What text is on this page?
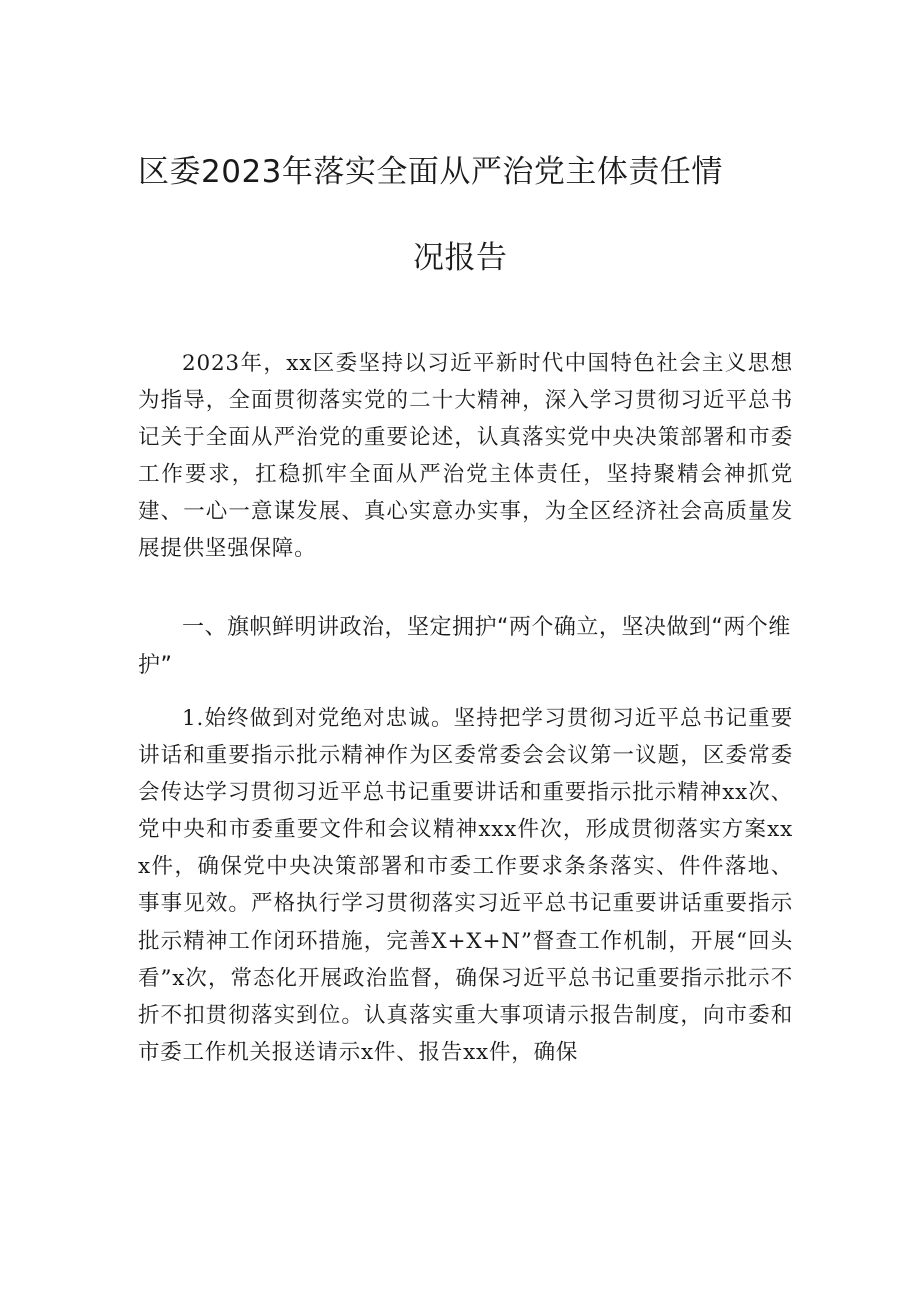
区委2023年落实全面从严治党主体责任情
况报告
2023年，xx区委坚持以习近平新时代中国特色社会主义思想为指导，全面贯彻落实党的二十大精神，深入学习贯彻习近平总书记关于全面从严治党的重要论述，认真落实党中央决策部署和市委工作要求，扛稳抓牢全面从严治党主体责任，坚持聚精会神抓党建、一心一意谋发展、真心实意办实事，为全区经济社会高质量发展提供坚强保障。
一、旗帜鲜明讲政治，坚定拥护“两个确立，坚决做到“两个维护”
1.始终做到对党绝对忠诚。坚持把学习贯彻习近平总书记重要讲话和重要指示批示精神作为区委常委会会议第一议题，区委常委会传达学习贯彻习近平总书记重要讲话和重要指示批示精神xx次、党中央和市委重要文件和会议精神xxx件次，形成贯彻落实方案xxx件，确保党中央决策部署和市委工作要求条条落实、件件落地、事事见效。严格执行学习贯彻落实习近平总书记重要讲话重要指示批示精神工作闭环措施，完善X+X+N”督查工作机制，开展“回头看”x次，常态化开展政治监督，确保习近平总书记重要指示批示不折不扣贯彻落实到位。认真落实重大事项请示报告制度，向市委和市委工作机关报送请示x件、报告xx件，确保
